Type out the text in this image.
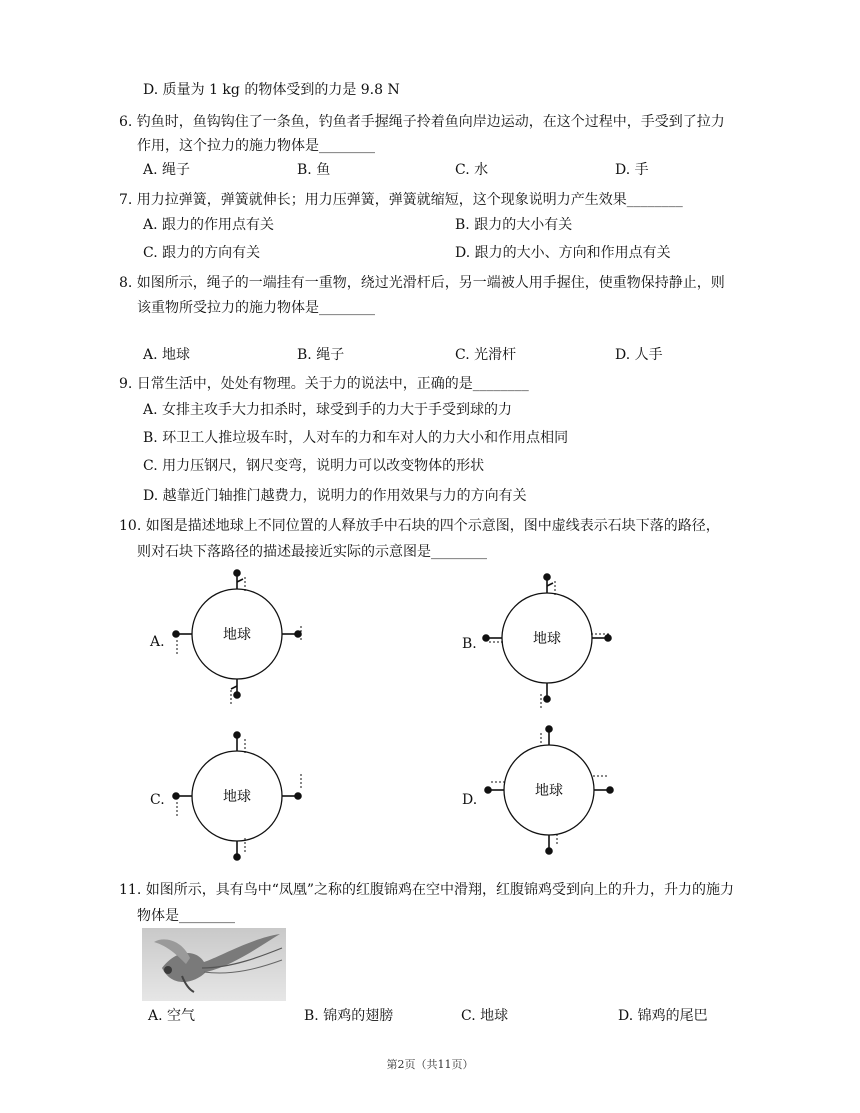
D. 质量为 1 kg 的物体受到的力是 9.8 N
6. 钓鱼时，鱼钩钩住了一条鱼，钓鱼者手握绳子拎着鱼向岸边运动，在这个过程中，手受到了拉力
作用，这个拉力的施力物体是________
A. 绳子	B. 鱼	C. 水	D. 手
7. 用力拉弹簧，弹簧就伸长；用力压弹簧，弹簧就缩短，这个现象说明力产生效果________
A. 跟力的作用点有关	B. 跟力的大小有关
C. 跟力的方向有关	D. 跟力的大小、方向和作用点有关
8. 如图所示，绳子的一端挂有一重物，绕过光滑杆后，另一端被人用手握住，使重物保持静止，则
该重物所受拉力的施力物体是________
A. 地球	B. 绳子	C. 光滑杆	D. 人手
9. 日常生活中，处处有物理。关于力的说法中，正确的是________
A. 女排主攻手大力扣杀时，球受到手的力大于手受到球的力
B. 环卫工人推垃圾车时，人对车的力和车对人的力大小和作用点相同
C. 用力压钢尺，钢尺变弯，说明力可以改变物体的形状
D. 越靠近门轴推门越费力，说明力的作用效果与力的方向有关
10. 如图是描述地球上不同位置的人释放手中石块的四个示意图，图中虚线表示石块下落的路径，
则对石块下落路径的描述最接近实际的示意图是________
A.	地球
B.	地球
C.	地球	D.
地球
11. 如图所示，具有鸟中“凤凰”之称的红腹锦鸡在空中滑翔，红腹锦鸡受到向上的升力，升力的施力
物体是________
A. 空气	B. 锦鸡的翅膀	C. 地球	D. 锦鸡的尾巴
第2页（共11页）
